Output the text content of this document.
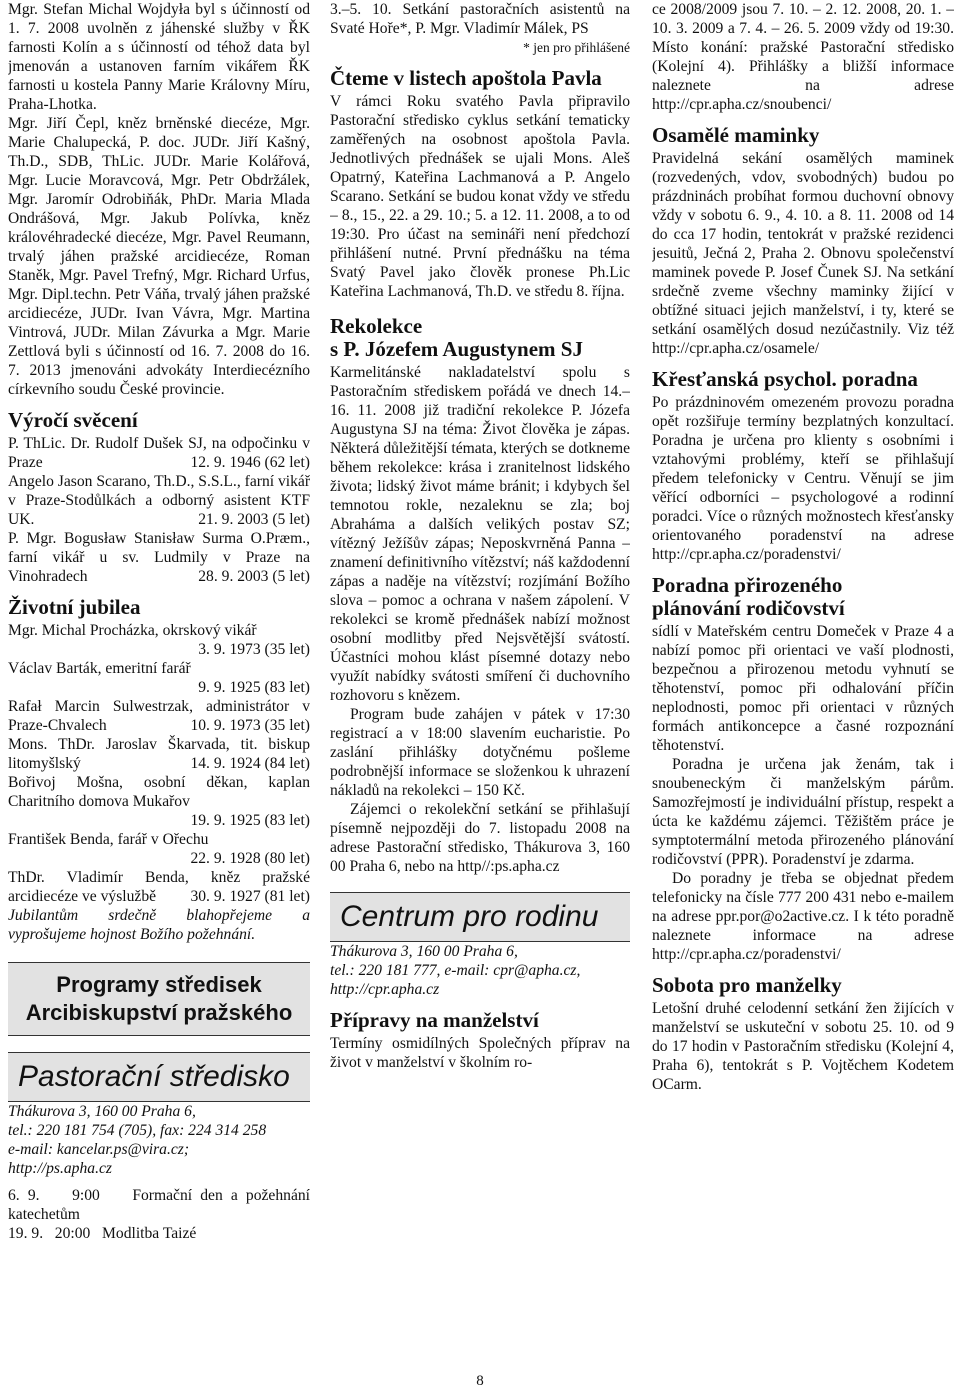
Mgr. Stefan Michal Wojdyła byl s účinností od 1. 7. 2008 uvolněn z jáhenské služby v ŘK farnosti Kolín a s účinností od téhož data byl jmenován a ustanoven farním vikářem ŘK farnosti u kostela Panny Marie Královny Míru, Praha-Lhotka.

Mgr. Jiří Čepl, kněz brněnské diecéze, Mgr. Marie Chalupecká, P. doc. JUDr. Jiří Kašný, Th.D., SDB, ThLic. JUDr. Marie Kolářová, Mgr. Lucie Moravcová, Mgr. Petr Obdržálek, Mgr. Jaromír Odrobiňák, PhDr. Maria Mlada Ondrášová, Mgr. Jakub Polívka, kněz královéhradecké diecéze, Mgr. Pavel Reumann, trvalý jáhen pražské arcidiecéze, Roman Staněk, Mgr. Pavel Trefný, Mgr. Richard Urfus, Mgr. Dipl.techn. Petr Váňa, trvalý jáhen pražské arcidiecéze, JUDr. Ivan Vávra, Mgr. Martina Vintrová, JUDr. Milan Závurka a Mgr. Marie Zettlová byli s účinností od 16. 7. 2008 do 16. 7. 2013 jmenováni advokáty Interdiecézního církevního soudu České provincie.

Výročí svěcení

P. ThLic. Dr. Rudolf Dušek SJ, na odpočinku v Praze	12. 9. 1946 (62 let)

Angelo Jason Scarano, Th.D., S.S.L., farní vikář v Praze-Stodůlkách a odborný asistent KTF UK.	21. 9. 2003 (5 let)

P. Mgr. Bogusław Stanisław Surma O.Præm., farní vikář u sv. Ludmily v Praze na Vinohradech	28. 9. 2003 (5 let)

Životní jubilea

Mgr. Michal Procházka, okrskový vikář

3. 9. 1973 (35 let)

Václav Barták, emeritní farář

9. 9. 1925 (83 let)

Rafał Marcin Sulwestrzak, administrátor v Praze-Chvalech	10. 9. 1973 (35 let)

Mons. ThDr. Jaroslav Škarvada, tit. biskup litomyšlský	14. 9. 1924 (84 let)

Bořivoj Mošna, osobní děkan, kaplan Charitního domova Mukařov

19. 9. 1925 (83 let)

František Benda, farář v Ořechu

22. 9. 1928 (80 let)

ThDr. Vladimír Benda, kněz pražské arcidiecéze ve výslužbě 30. 9. 1927 (81 let)

Jubilantům srdečně blahopřejeme a vyprošujeme hojnost Božího požehnání.

Programy středisek
Arcibiskupství pražského
Pastorační středisko

Thákurova 3, 160 00 Praha 6,

tel.: 220 181 754 (705), fax: 224 314 258

e-mail: kancelar.ps@vira.cz;

http://ps.apha.cz

6. 9. 9:00 Formační den a požehnání katechetům

19. 9. 20:00 Modlitba Taizé

3.–5. 10. Setkání pastoračních asistentů na Svaté Hoře*, P. Mgr. Vladimír Málek, PS

* jen pro přihlášené

Čteme v listech apoštola Pavla

V rámci Roku svatého Pavla připravilo Pastorační středisko cyklus setkání tematicky zaměřených na osobnost apoštola Pavla. Jednotlivých přednášek se ujali Mons. Aleš Opatrný, Kateřina Lachmanová a P. Angelo Scarano. Setkání se budou konat vždy ve středu – 8., 15., 22. a 29. 10.; 5. a 12. 11. 2008, a to od 19:30. Pro účast na semináři není předchozí přihlášení nutné. První přednášku na téma Svatý Pavel jako člověk pronese Ph.Lic Kateřina Lachmanová, Th.D. ve středu 8. října.

Rekolekce
s P. Józefem Augustynem SJ

Karmelitánské nakladatelství spolu s Pastoračním střediskem pořádá ve dnech 14.–16. 11. 2008 již tradiční rekolekce P. Józefa Augustyna SJ na téma: Život člověka je zápas. Některá důležitější témata, kterých se dotkneme během rekolekce: krása i zranitelnost lidského života; lidský život máme bránit; i kdybych šel temnotou rokle, nezaleknu se zla; boj Abraháma a dalších velikých postav SZ; vítězný Ježíšův zápas; Neposkvrněná Panna – znamení definitivního vítězství; náš každodenní zápas a naděje na vítězství; rozjímání Božího slova – pomoc a ochrana v našem zápolení. V rekolekci se kromě přednášek nabízí možnost osobní modlitby před Nejsvětější svátostí. Účastníci mohou klást písemné dotazy nebo využít nabídky svátosti smíření či duchovního rozhovoru s knězem.

Program bude zahájen v pátek v 17:30 registrací a v 18:00 slavením eucharistie. Po zaslání přihlášky dotyčnému pošleme podrobnější informace se složenkou k uhrazení nákladů na rekolekci – 150 Kč.

Zájemci o rekolekční setkání se přihlašují písemně nejpozději do 7. listopadu 2008 na adrese Pastorační středisko, Thákurova 3, 160 00 Praha 6, nebo na http//:ps.apha.cz

Centrum pro rodinu

Thákurova 3, 160 00 Praha 6,

tel.: 220 181 777, e-mail: cpr@apha.cz,

http://cpr.apha.cz

Přípravy na manželství

Termíny osmidílných Společných příprav na život v manželství v školním ro-

ce 2008/2009 jsou 7. 10. – 2. 12. 2008, 20. 1. – 10. 3. 2009 a 7. 4. – 26. 5. 2009 vždy od 19:30. Místo konání: pražské Pastorační středisko (Kolejní 4). Přihlášky a bližší informace naleznete na adrese http://cpr.apha.cz/snoubenci/

Osamělé maminky

Pravidelná sekání osamělých maminek (rozvedených, vdov, svobodných) budou po prázdninách probíhat formou duchovní obnovy vždy v sobotu 6. 9., 4. 10. a 8. 11. 2008 od 14 do cca 17 hodin, tentokrát v pražské rezidenci jesuitů, Ječná 2, Praha 2. Obnovu společenství maminek povede P. Josef Čunek SJ. Na setkání srdečně zveme všechny maminky žijící v obtížné situaci jejich manželství, i ty, které se setkání osamělých dosud nezúčastnily. Viz též http://cpr.apha.cz/osamele/

Křesťanská psychol. poradna

Po prázdninovém omezeném provozu poradna opět rozšiřuje termíny bezplatných konzultací. Poradna je určena pro klienty s osobními i vztahovými problémy, kteří se přihlašují předem telefonicky v Centru. Věnují se jim věřící odborníci – psychologové a rodinní poradci. Více o různých možnostech křesťansky orientovaného poradenství na adrese http://cpr.apha.cz/poradenstvi/

Poradna přirozeného
plánování rodičovství

sídlí v Mateřském centru Domeček v Praze 4 a nabízí pomoc při orientaci ve vaší plodnosti, bezpečnou a přirozenou metodu vyhnutí se těhotenství, pomoc při odhalování příčin neplodnosti, pomoc při orientaci v různých formách antikoncepce a časné rozpoznání těhotenství.

Poradna je určena jak ženám, tak i snoubeneckým či manželským párům. Samozřejmostí je individuální přístup, respekt a úcta ke každému zájemci. Těžištěm práce je symptotermální metoda přirozeného plánování rodičovství (PPR). Poradenství je zdarma.

Do poradny je třeba se objednat předem telefonicky na čísle 777 200 431 nebo e-mailem na adrese ppr.por@o2active.cz. I k této poradně naleznete informace na adrese http://cpr.apha.cz/poradenstvi/

Sobota pro manželky

Letošní druhé celodenní setkání žen žijících v manželství se uskuteční v sobotu 25. 10. od 9 do 17 hodin v Pastoračním středisku (Kolejní 4, Praha 6), tentokrát s P. Vojtěchem Kodetem OCarm.

8
